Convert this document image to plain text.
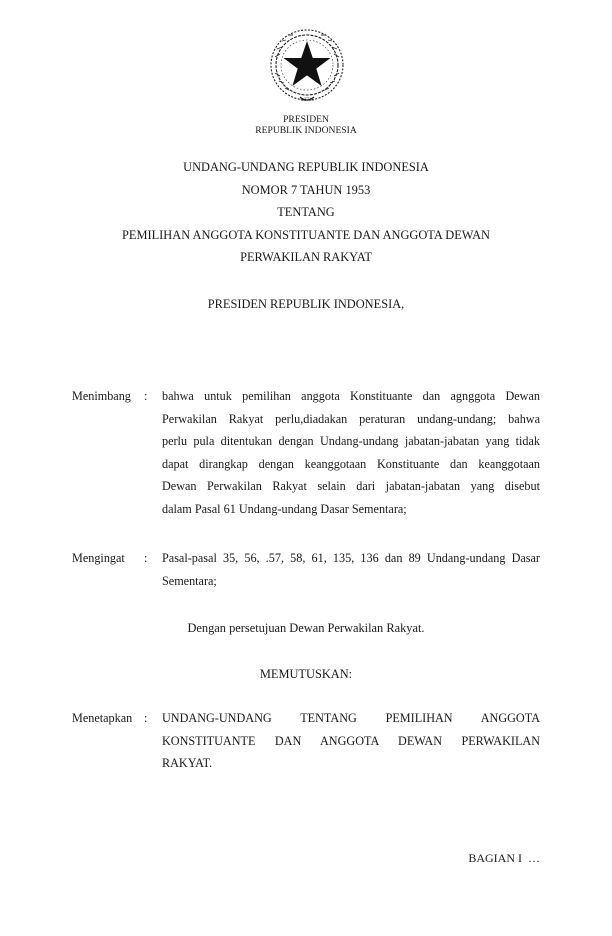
\u2715
PRESIDEN
REPUBLIK INDONESIA
UNDANG-UNDANG REPUBLIK INDONESIA
NOMOR 7 TAHUN 1953
TENTANG
PEMILIHAN ANGGOTA KONSTITUANTE DAN ANGGOTA DEWAN
PERWAKILAN RAKYAT
PRESIDEN REPUBLIK INDONESIA,
Menimbang : bahwa untuk pemilihan anggota Konstituante dan agnggota Dewan
Perwakilan Rakyat perlu,diadakan peraturan undang-undang; bahwa
perlu pula ditentukan dengan Undang-undang jabatan-jabatan yang tidak
dapat dirangkap dengan keanggotaan Konstituante dan keanggotaan
Dewan Perwakilan Rakyat selain dari jabatan-jabatan yang disebut
dalam Pasal 61 Undang-undang Dasar Sementara;
Mengingat : Pasal-pasal 35, 56, .57, 58, 61, 135, 136 dan 89 Undang-undang Dasar
Sementara;
Dengan persetujuan Dewan Perwakilan Rakyat.
MEMUTUSKAN:
Menetapkan : UNDANG-UNDANG TENTANG PEMILIHAN ANGGOTA
KONSTITUANTE DAN ANGGOTA DEWAN PERWAKILAN
RAKYAT.
BAGIAN I  …
